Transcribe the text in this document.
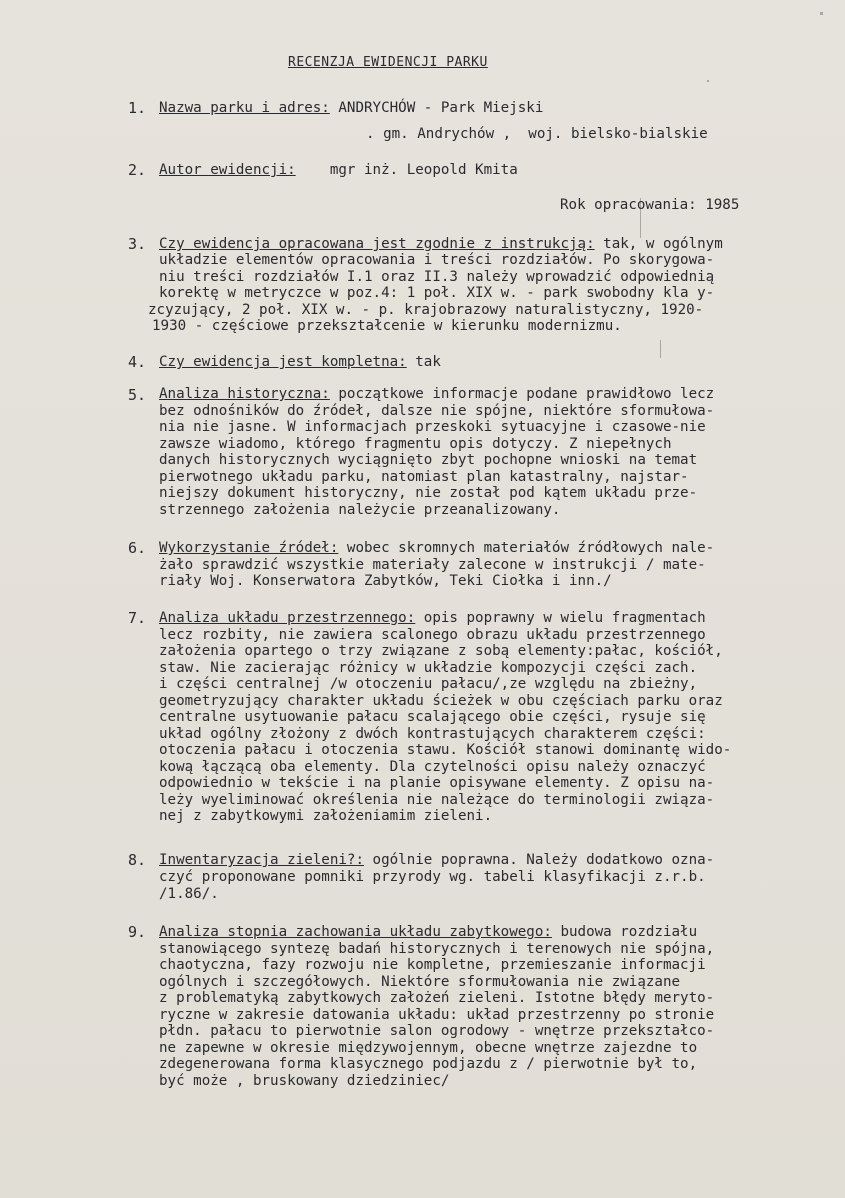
RECENZJA EWIDENCJI PARKU
1. Nazwa parku i adres: ANDRYCHÓW - Park Miejski
. gm. Andrychów ,  woj. bielsko-bialskie
2. Autor ewidencji: mgr inż. Leopold Kmita
Rok opracowania: 1985
3. Czy ewidencja opracowana jest zgodnie z instrukcją: tak, w ogólnym
układzie elementów opracowania i treści rozdziałów. Po skorygowa-
niu treści rozdziałów I.1 oraz II.3 należy wprowadzić odpowiednią
korektę w metryczce w poz.4: 1 poł. XIX w. - park swobodny kla y-
zcyzujący, 2 poł. XIX w. - p. krajobrazowy naturalistyczny, 1920-
1930 - częściowe przekształcenie w kierunku modernizmu.
4. Czy ewidencja jest kompletna: tak
5. Analiza historyczna: początkowe informacje podane prawidłowo lecz
bez odnośników do źródeł, dalsze nie spójne, niektóre sformułowa-
nia nie jasne. W informacjach przeskoki sytuacyjne i czasowe-nie
zawsze wiadomo, którego fragmentu opis dotyczy. Z niepełnych
danych historycznych wyciągnięto zbyt pochopne wnioski na temat
pierwotnego układu parku, natomiast plan katastralny, najstar-
niejszy dokument historyczny, nie został pod kątem układu prze-
strzennego założenia należycie przeanalizowany.
6. Wykorzystanie źródeł: wobec skromnych materiałów źródłowych nale-
żało sprawdzić wszystkie materiały zalecone w instrukcji / mate-
riały Woj. Konserwatora Zabytków, Teki Ciołka i inn./
7. Analiza układu przestrzennego: opis poprawny w wielu fragmentach
lecz rozbity, nie zawiera scalonego obrazu układu przestrzennego
założenia opartego o trzy związane z sobą elementy:pałac, kościół,
staw. Nie zacierając różnicy w układzie kompozycji części zach.
i części centralnej /w otoczeniu pałacu/,ze względu na zbieżny,
geometryzujący charakter układu ścieżek w obu częściach parku oraz
centralne usytuowanie pałacu scalającego obie części, rysuje się
układ ogólny złożony z dwóch kontrastujących charakterem części:
otoczenia pałacu i otoczenia stawu. Kościół stanowi dominantę wido-
kową łączącą oba elementy. Dla czytelności opisu należy oznaczyć
odpowiednio w tekście i na planie opisywane elementy. Z opisu na-
leży wyeliminować określenia nie należące do terminologii związa-
nej z zabytkowymi założeniamim zieleni.
8. Inwentaryzacja zieleni?: ogólnie poprawna. Należy dodatkowo ozna-
czyć proponowane pomniki przyrody wg. tabeli klasyfikacji z.r.b.
/1.86/.
9. Analiza stopnia zachowania układu zabytkowego: budowa rozdziału
stanowiącego syntezę badań historycznych i terenowych nie spójna,
chaotyczna, fazy rozwoju nie kompletne, przemieszanie informacji
ogólnych i szczegółowych. Niektóre sformułowania nie związane
z problematyką zabytkowych założeń zieleni. Istotne błędy meryto-
ryczne w zakresie datowania układu: układ przestrzenny po stronie
płdn. pałacu to pierwotnie salon ogrodowy - wnętrze przekształco-
ne zapewne w okresie międzywojennym, obecne wnętrze zajezdne to
zdegenerowana forma klasycznego podjazdu z / pierwotnie był to,
być może , bruskowany dziedziniec/
